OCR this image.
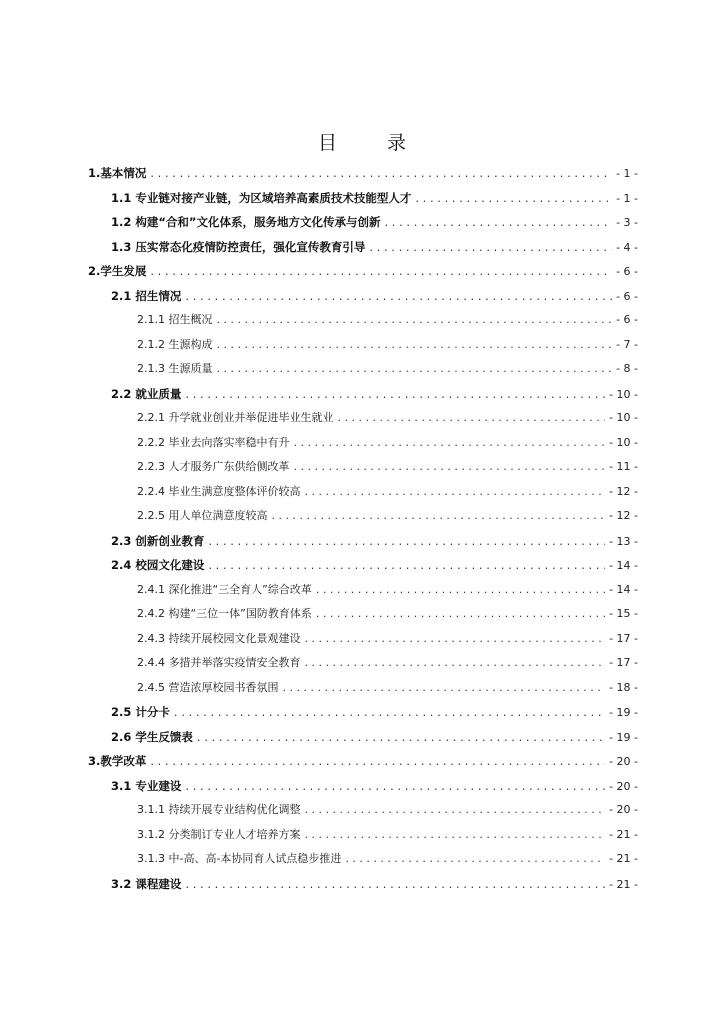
目 录
1.基本情况 . . .	- 1 -
1.1 专业链对接产业链，为区域培养高素质技术技能型人才 . . .	- 1 -
1.2 构建“合和”文化体系，服务地方文化传承与创新 . . .	- 3 -
1.3 压实常态化疫情防控责任，强化宣传教育引导 . . .	- 4 -
2.学生发展 . . .	- 6 -
2.1 招生情况 . . .	- 6 -
2.1.1 招生概况 . . .	- 6 -
2.1.2 生源构成 . . .	- 7 -
2.1.3 生源质量 . . .	- 8 -
2.2 就业质量 . . .	- 10 -
2.2.1 升学就业创业并举促进毕业生就业 . . .	- 10 -
2.2.2 毕业去向落实率稳中有升 . . .	- 10 -
2.2.3 人才服务广东供给侧改革 . . .	- 11 -
2.2.4 毕业生满意度整体评价较高 . . .	- 12 -
2.2.5 用人单位满意度较高 . . .	- 12 -
2.3 创新创业教育 . . .	- 13 -
2.4 校园文化建设 . . .	- 14 -
2.4.1 深化推进“三全育人”综合改革 . . .	- 14 -
2.4.2 构建“三位一体”国防教育体系 . . .	- 15 -
2.4.3 持续开展校园文化景观建设 . . .	- 17 -
2.4.4 多措并举落实疫情安全教育 . . .	- 17 -
2.4.5 营造浓厚校园书香氛围 . . .	- 18 -
2.5 计分卡 . . .	- 19 -
2.6 学生反馈表 . . .	- 19 -
3.教学改革 . . .	- 20 -
3.1 专业建设 . . .	- 20 -
3.1.1 持续开展专业结构优化调整 . . .	- 20 -
3.1.2 分类制订专业人才培养方案 . . .	- 21 -
3.1.3 中-高、高-本协同育人试点稳步推进 . . .	- 21 -
3.2 课程建设 . . .	- 21 -
